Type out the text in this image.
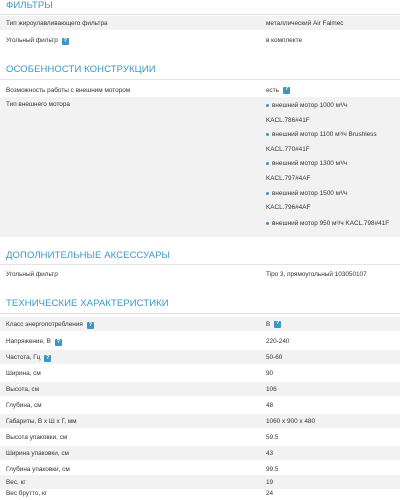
ФИЛЬТРЫ
Тип жироулавливающего фильтра	металлический Air Falmec
Угольный фильтр ?	в комплекте
ОСОБЕННОСТИ КОНСТРУКЦИИ
Возможность работы с внешним мотором	есть	?
Тип внешнего мотора	внешний мотор 1000 м³/ч
KACL.786#41F
внешний мотор 1100 м³/ч Brushless
KACL.770#41F
внешний мотор 1300 м³/ч
KACL.797#4AF
внешний мотор 1500 м³/ч
KACL.796#4AF
внешний мотор 950 м³/ч KACL.798#41F
ДОПОЛНИТЕЛЬНЫЕ АКСЕССУАРЫ
Угольный фильтр	Tipo 3, прямоугольный 103050107
ТЕХНИЧЕСКИЕ ХАРАКТЕРИСТИКИ
Класс энергопотребления ?	B	?
Напряжение, В ?	220-240
Частота, Гц ?	50-60
Ширина, см	90
Высота, см	106
Глубина, см	48
Габариты, В х Ш х Г, мм	1060 x 900 x 480
Высота упаковки, см	59.5
Ширина упаковки, см	43
Глубина упаковки, см	99.5
Вес, кг	19
Вес брутто, кг	24
